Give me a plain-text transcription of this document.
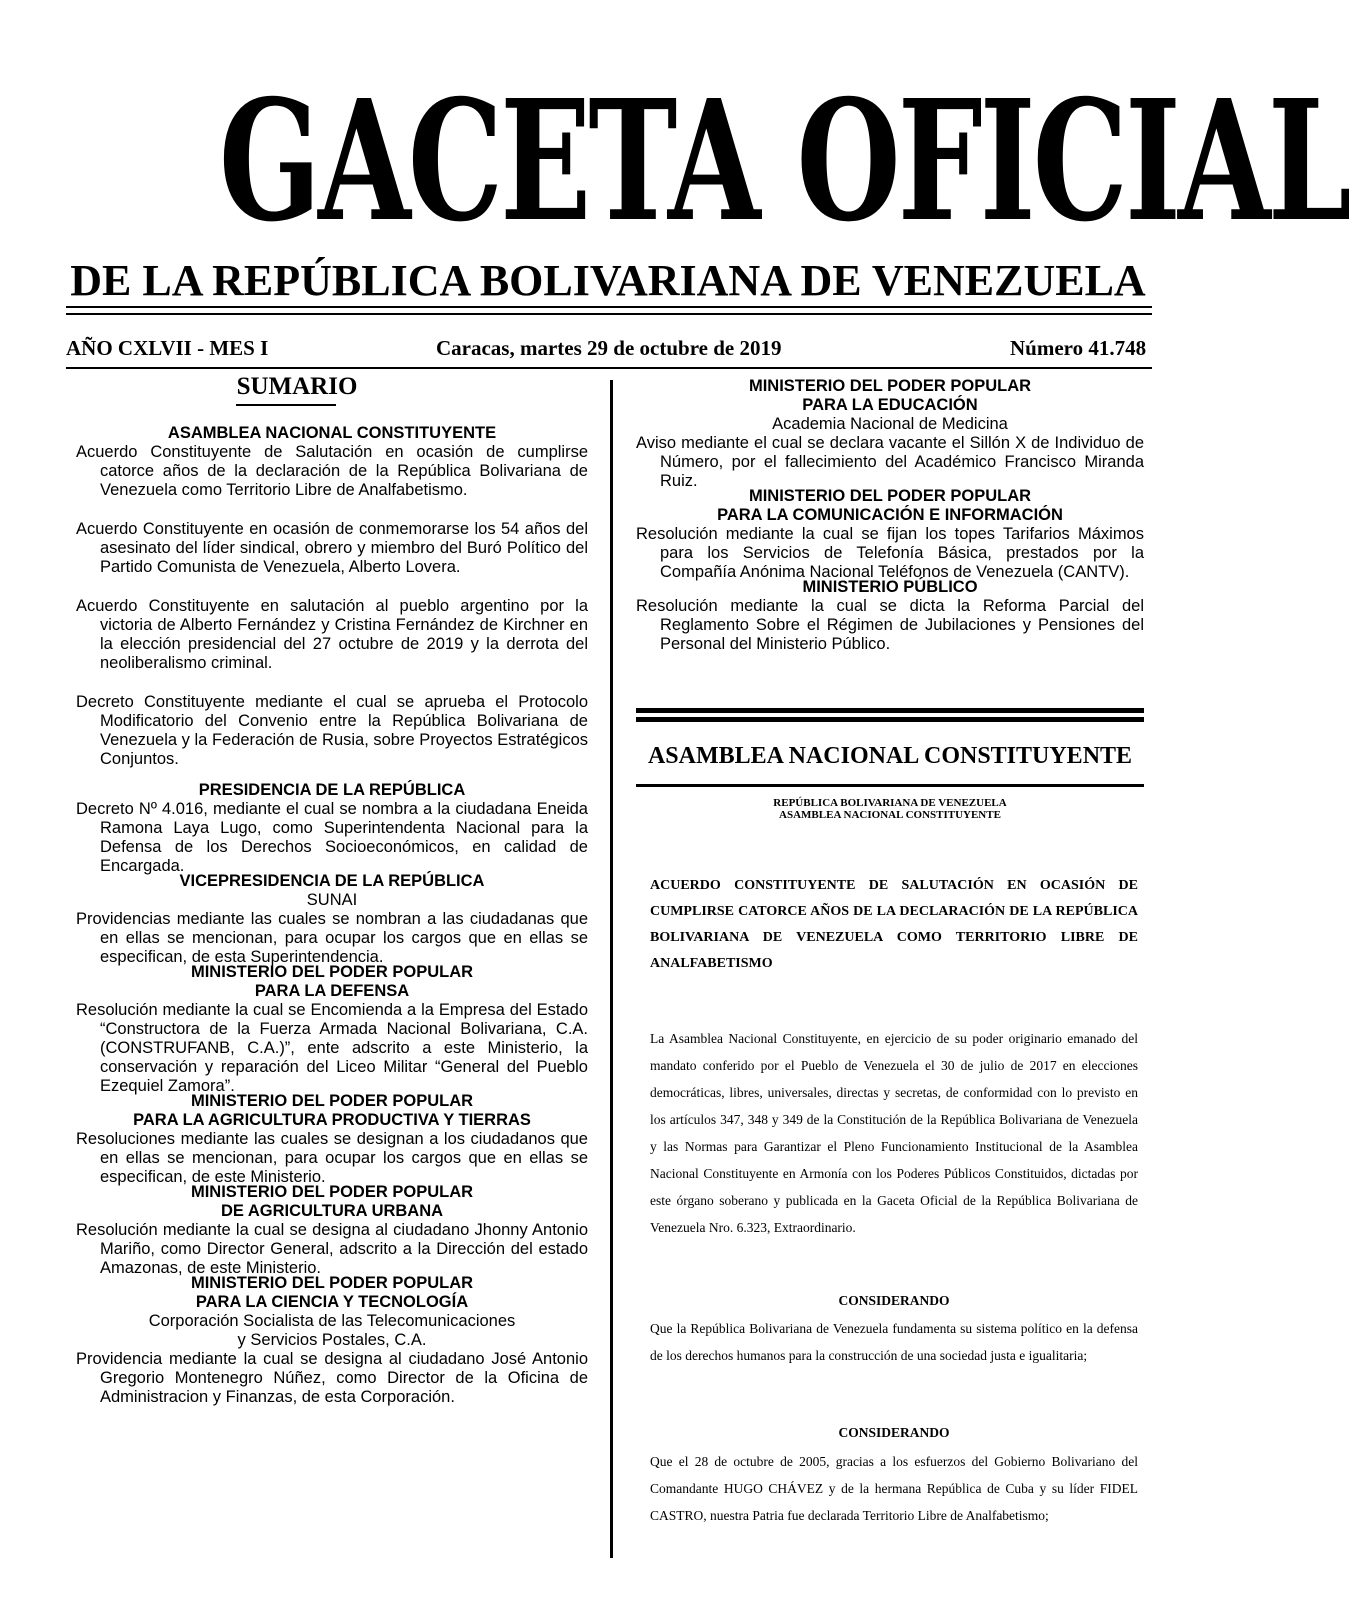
GACETA OFICIAL
DE LA REPÚBLICA BOLIVARIANA DE VENEZUELA
AÑO CXLVII - MES I	Caracas, martes 29 de octubre de 2019	Número 41.748
SUMARIO
ASAMBLEA NACIONAL CONSTITUYENTE
Acuerdo Constituyente de Salutación en ocasión de cumplirse catorce años de la declaración de la República Bolivariana de Venezuela como Territorio Libre de Analfabetismo.
Acuerdo Constituyente en ocasión de conmemorarse los 54 años del asesinato del líder sindical, obrero y miembro del Buró Político del Partido Comunista de Venezuela, Alberto Lovera.
Acuerdo Constituyente en salutación al pueblo argentino por la victoria de Alberto Fernández y Cristina Fernández de Kirchner en la elección presidencial del 27 octubre de 2019 y la derrota del neoliberalismo criminal.
Decreto Constituyente mediante el cual se aprueba el Protocolo Modificatorio del Convenio entre la República Bolivariana de Venezuela y la Federación de Rusia, sobre Proyectos Estratégicos Conjuntos.
PRESIDENCIA DE LA REPÚBLICA
Decreto Nº 4.016, mediante el cual se nombra a la ciudadana Eneida Ramona Laya Lugo, como Superintendenta Nacional para la Defensa de los Derechos Socioeconómicos, en calidad de Encargada.
VICEPRESIDENCIA DE LA REPÚBLICA
SUNAI
Providencias mediante las cuales se nombran a las ciudadanas que en ellas se mencionan, para ocupar los cargos que en ellas se especifican, de esta Superintendencia.
MINISTERIO DEL PODER POPULAR
PARA LA DEFENSA
Resolución mediante la cual se Encomienda a la Empresa del Estado “Constructora de la Fuerza Armada Nacional Bolivariana, C.A. (CONSTRUFANB, C.A.)”, ente adscrito a este Ministerio, la conservación y reparación del Liceo Militar “General del Pueblo Ezequiel Zamora”.
MINISTERIO DEL PODER POPULAR
PARA LA AGRICULTURA PRODUCTIVA Y TIERRAS
Resoluciones mediante las cuales se designan a los ciudadanos que en ellas se mencionan, para ocupar los cargos que en ellas se especifican, de este Ministerio.
MINISTERIO DEL PODER POPULAR
DE AGRICULTURA URBANA
Resolución mediante la cual se designa al ciudadano Jhonny Antonio Mariño, como Director General, adscrito a la Dirección del estado Amazonas, de este Ministerio.
MINISTERIO DEL PODER POPULAR
PARA LA CIENCIA Y TECNOLOGÍA
Corporación Socialista de las Telecomunicaciones
y Servicios Postales, C.A.
Providencia mediante la cual se designa al ciudadano José Antonio Gregorio Montenegro Núñez, como Director de la Oficina de Administracion y Finanzas, de esta Corporación.
MINISTERIO DEL PODER POPULAR
PARA LA EDUCACIÓN
Academia Nacional de Medicina
Aviso mediante el cual se declara vacante el Sillón X de Individuo de Número, por el fallecimiento del Académico Francisco Miranda Ruiz.
MINISTERIO DEL PODER POPULAR
PARA LA COMUNICACIÓN E INFORMACIÓN
Resolución mediante la cual se fijan los topes Tarifarios Máximos para los Servicios de Telefonía Básica, prestados por la Compañía Anónima Nacional Teléfonos de Venezuela (CANTV).
MINISTERIO PÚBLICO
Resolución mediante la cual se dicta la Reforma Parcial del Reglamento Sobre el Régimen de Jubilaciones y Pensiones del Personal del Ministerio Público.
ASAMBLEA NACIONAL CONSTITUYENTE
REPÚBLICA BOLIVARIANA DE VENEZUELA
ASAMBLEA NACIONAL CONSTITUYENTE
ACUERDO CONSTITUYENTE DE SALUTACIÓN EN OCASIÓN DE CUMPLIRSE CATORCE AÑOS DE LA DECLARACIÓN DE LA REPÚBLICA BOLIVARIANA DE VENEZUELA COMO TERRITORIO LIBRE DE ANALFABETISMO
La Asamblea Nacional Constituyente, en ejercicio de su poder originario emanado del mandato conferido por el Pueblo de Venezuela el 30 de julio de 2017 en elecciones democráticas, libres, universales, directas y secretas, de conformidad con lo previsto en los artículos 347, 348 y 349 de la Constitución de la República Bolivariana de Venezuela y las Normas para Garantizar el Pleno Funcionamiento Institucional de la Asamblea Nacional Constituyente en Armonía con los Poderes Públicos Constituidos, dictadas por este órgano soberano y publicada en la Gaceta Oficial de la República Bolivariana de Venezuela Nro. 6.323, Extraordinario.
CONSIDERANDO
Que la República Bolivariana de Venezuela fundamenta su sistema político en la defensa de los derechos humanos para la construcción de una sociedad justa e igualitaria;
CONSIDERANDO
Que el 28 de octubre de 2005, gracias a los esfuerzos del Gobierno Bolivariano del Comandante HUGO CHÁVEZ y de la hermana República de Cuba y su líder FIDEL CASTRO, nuestra Patria fue declarada Territorio Libre de Analfabetismo;
